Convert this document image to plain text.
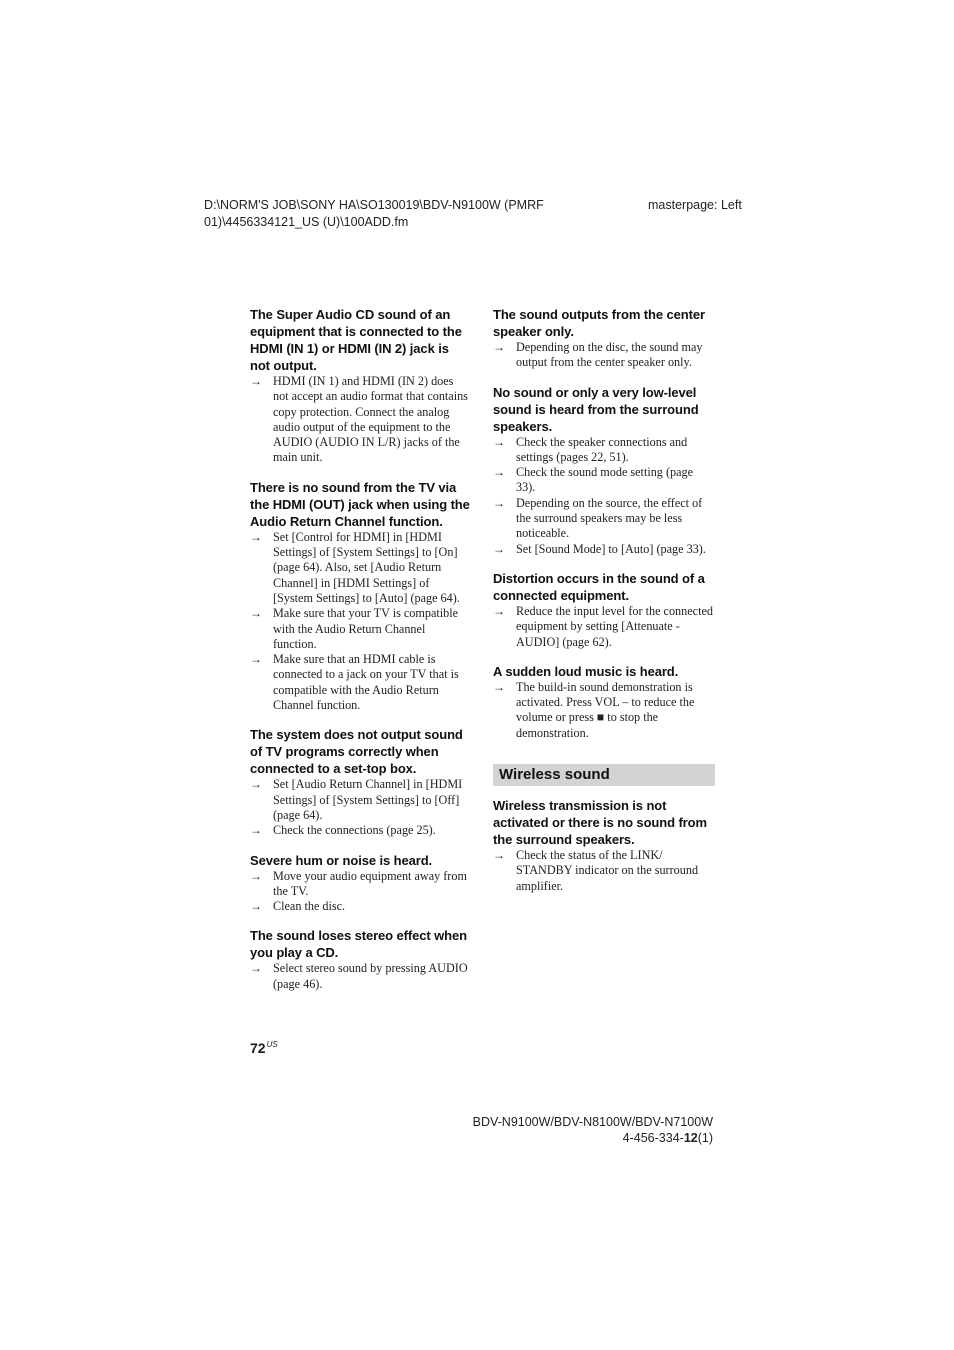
D:\NORM'S JOB\SONY HA\SO130019\BDV-N9100W (PMRF 01)\4456334121_US (U)\100ADD.fm
masterpage: Left
The Super Audio CD sound of an equipment that is connected to the HDMI (IN 1) or HDMI (IN 2) jack is not output.
→ HDMI (IN 1) and HDMI (IN 2) does not accept an audio format that contains copy protection. Connect the analog audio output of the equipment to the AUDIO (AUDIO IN L/R) jacks of the main unit.
There is no sound from the TV via the HDMI (OUT) jack when using the Audio Return Channel function.
→ Set [Control for HDMI] in [HDMI Settings] of [System Settings] to [On] (page 64). Also, set [Audio Return Channel] in [HDMI Settings] of [System Settings] to [Auto] (page 64).
→ Make sure that your TV is compatible with the Audio Return Channel function.
→ Make sure that an HDMI cable is connected to a jack on your TV that is compatible with the Audio Return Channel function.
The system does not output sound of TV programs correctly when connected to a set-top box.
→ Set [Audio Return Channel] in [HDMI Settings] of [System Settings] to [Off] (page 64).
→ Check the connections (page 25).
Severe hum or noise is heard.
→ Move your audio equipment away from the TV.
→ Clean the disc.
The sound loses stereo effect when you play a CD.
→ Select stereo sound by pressing AUDIO (page 46).
The sound outputs from the center speaker only.
→ Depending on the disc, the sound may output from the center speaker only.
No sound or only a very low-level sound is heard from the surround speakers.
→ Check the speaker connections and settings (pages 22, 51).
→ Check the sound mode setting (page 33).
→ Depending on the source, the effect of the surround speakers may be less noticeable.
→ Set [Sound Mode] to [Auto] (page 33).
Distortion occurs in the sound of a connected equipment.
→ Reduce the input level for the connected equipment by setting [Attenuate - AUDIO] (page 62).
A sudden loud music is heard.
→ The build-in sound demonstration is activated. Press VOL – to reduce the volume or press ■ to stop the demonstration.
Wireless sound
Wireless transmission is not activated or there is no sound from the surround speakers.
→ Check the status of the LINK/ STANDBY indicator on the surround amplifier.
$72^{US}$
BDV-N9100W/BDV-N8100W/BDV-N7100W
4-456-334-12(1)
